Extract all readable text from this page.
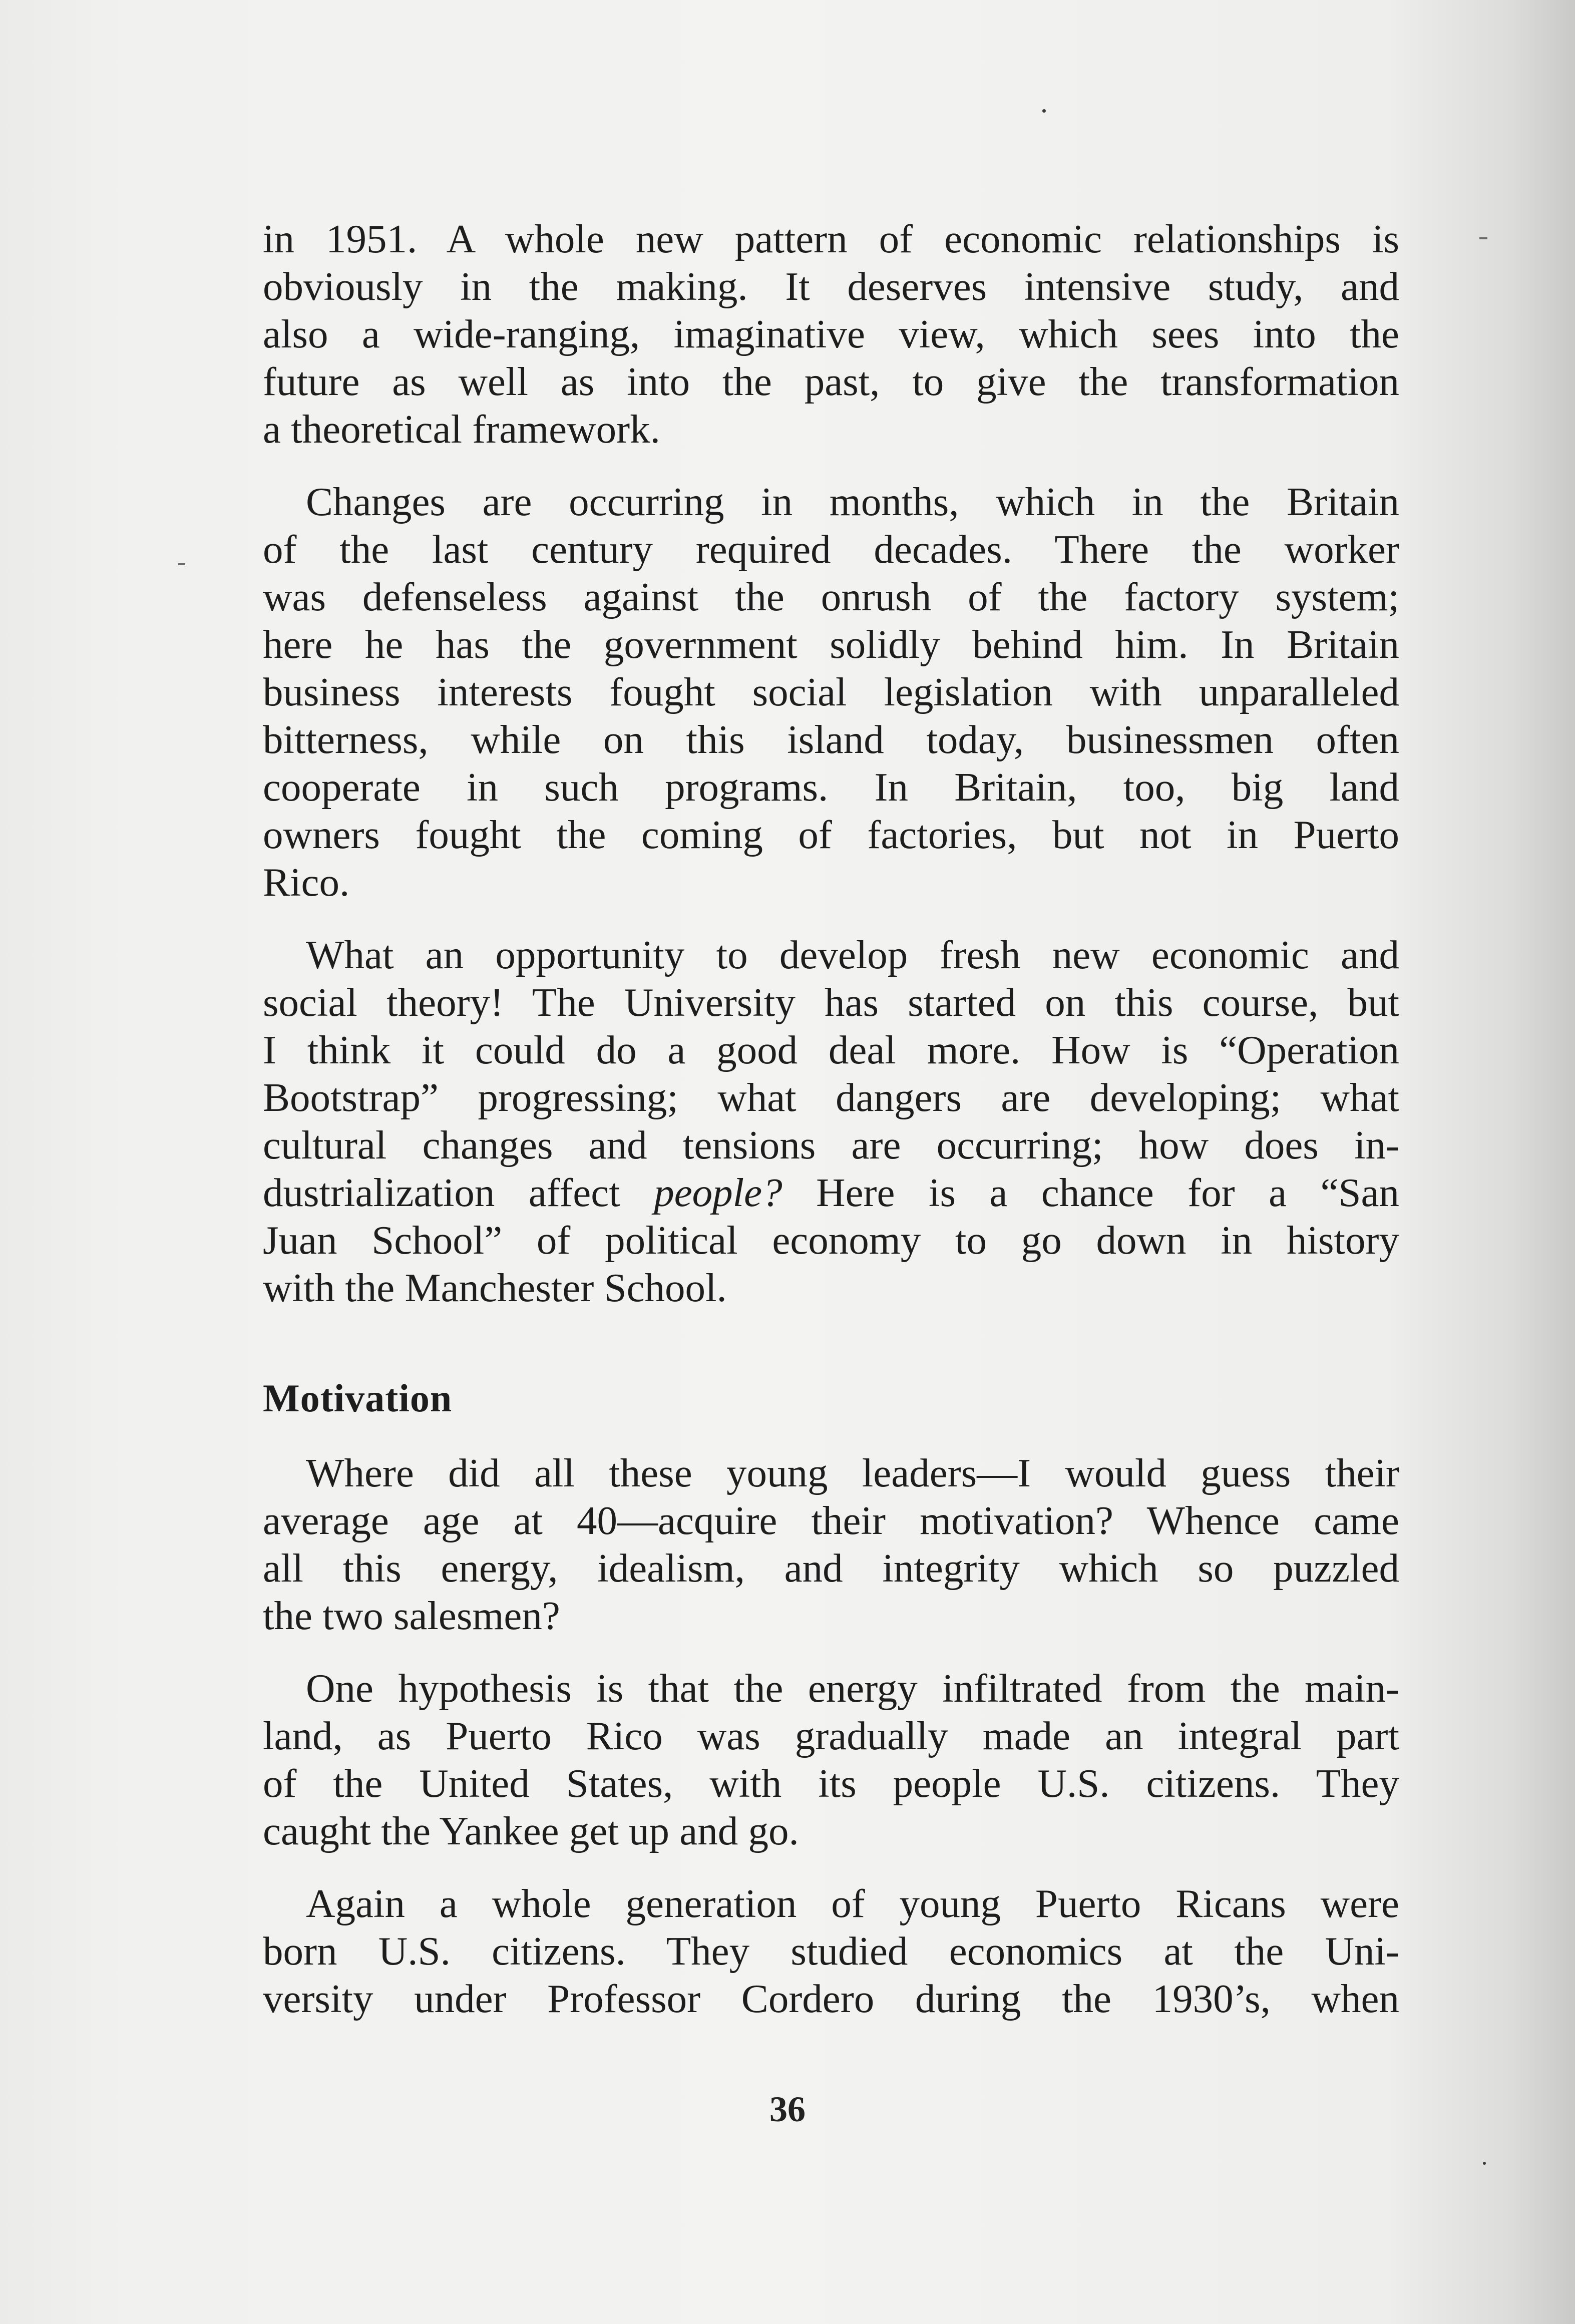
in 1951. A whole new pattern of economic relationships is
obviously in the making. It deserves intensive study, and
also a wide-ranging, imaginative view, which sees into the
future as well as into the past, to give the transformation
a theoretical framework.
Changes are occurring in months, which in the Britain
of the last century required decades. There the worker
was defenseless against the onrush of the factory system;
here he has the government solidly behind him. In Britain
business interests fought social legislation with unparalleled
bitterness, while on this island today, businessmen often
cooperate in such programs. In Britain, too, big land
owners fought the coming of factories, but not in Puerto
Rico.
What an opportunity to develop fresh new economic and
social theory! The University has started on this course, but
I think it could do a good deal more. How is “Operation
Bootstrap” progressing; what dangers are developing; what
cultural changes and tensions are occurring; how does in-
dustrialization affect people? Here is a chance for a “San
Juan School” of political economy to go down in history
with the Manchester School.
Motivation
Where did all these young leaders—I would guess their
average age at 40—acquire their motivation? Whence came
all this energy, idealism, and integrity which so puzzled
the two salesmen?
One hypothesis is that the energy infiltrated from the main-
land, as Puerto Rico was gradually made an integral part
of the United States, with its people U.S. citizens. They
caught the Yankee get up and go.
Again a whole generation of young Puerto Ricans were
born U.S. citizens. They studied economics at the Uni-
versity under Professor Cordero during the 1930’s, when
36
